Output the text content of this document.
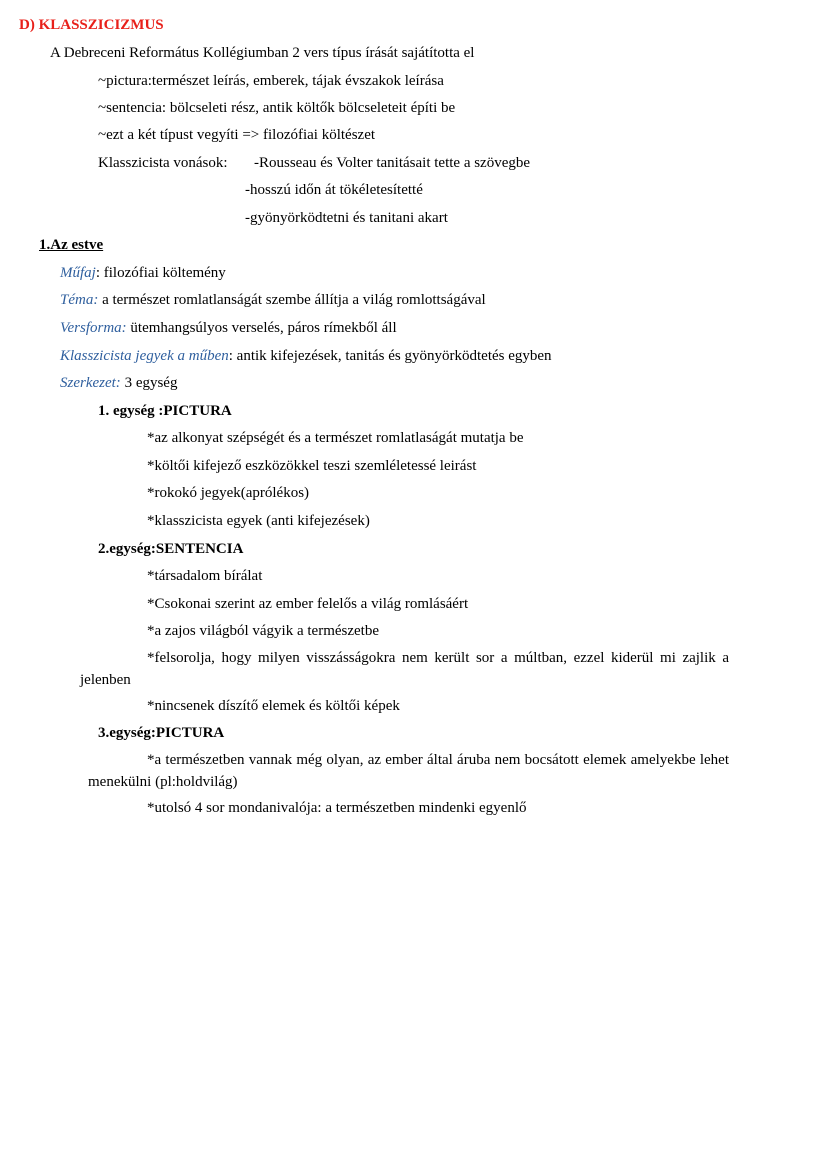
D) KLASSZICIZMUS
A Debreceni Református Kollégiumban 2 vers típus írását sajátította el
~pictura:természet leírás, emberek, tájak évszakok leírása
~sentencia: bölcseleti rész, antik költők bölcseleteit építi be
~ezt a két típust vegyíti => filozófiai költészet
Klasszicista vonások: -Rousseau és Volter tanitásait tette a szövegbe
-hosszú időn át tökéletesítetté
-gyönyörködtetni és tanitani akart
1.Az estve
Műfaj: filozófiai költemény
Téma: a természet romlatlanságát szembe állítja a világ romlottságával
Versforma: ütemhangsúlyos verselés, páros rímekből áll
Klasszicista jegyek a műben: antik kifejezések, tanitás és gyönyörködtetés egyben
Szerkezet: 3 egység
1. egység :PICTURA
*az alkonyat szépségét és a természet romlatlaságát mutatja be
*költői kifejező eszközökkel teszi szemléletessé leirást
*rokokó jegyek(aprólékos)
*klasszicista egyek (anti kifejezések)
2.egység:SENTENCIA
*társadalom bírálat
*Csokonai szerint az ember felelős a világ romlásáért
*a zajos világból vágyik a természetbe
*felsorolja, hogy milyen visszásságokra nem került sor a múltban, ezzel kiderül mi zajlik a jelenben
*nincsenek díszítő elemek és költői képek
3.egység:PICTURA
*a természetben vannak még olyan, az ember által áruba nem bocsátott elemek amelyekbe lehet menekülni (pl:holdvilág)
*utolsó 4 sor mondanivalója: a természetben mindenki egyenlő
